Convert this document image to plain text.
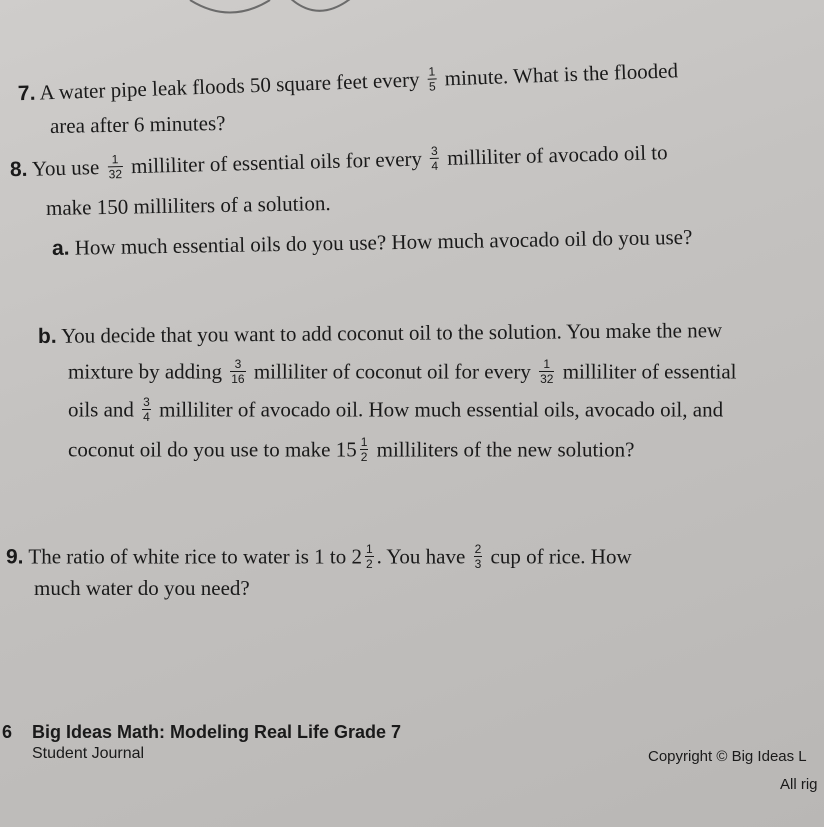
7. A water pipe leak floods 50 square feet every $\frac{1}{5}$ minute. What is the flooded
area after 6 minutes?
8. You use $\frac{1}{32}$ milliliter of essential oils for every $\frac{3}{4}$ milliliter of avocado oil to
make 150 milliliters of a solution.
a. How much essential oils do you use? How much avocado oil do you use?
b. You decide that you want to add coconut oil to the solution. You make the new
mixture by adding $\frac{3}{16}$ milliliter of coconut oil for every $\frac{1}{32}$ milliliter of essential
oils and $\frac{3}{4}$ milliliter of avocado oil. How much essential oils, avocado oil, and
coconut oil do you use to make $15 \frac{1}{2}$ milliliters of the new solution?
9. The ratio of white rice to water is 1 to $2 \frac{1}{2}$ . You have $\frac{2}{3}$ cup of rice. How
much water do you need?
6 Big Ideas Math: Modeling Real Life Grade 7
Student Journal	Copyright © Big Ideas L
All rig
